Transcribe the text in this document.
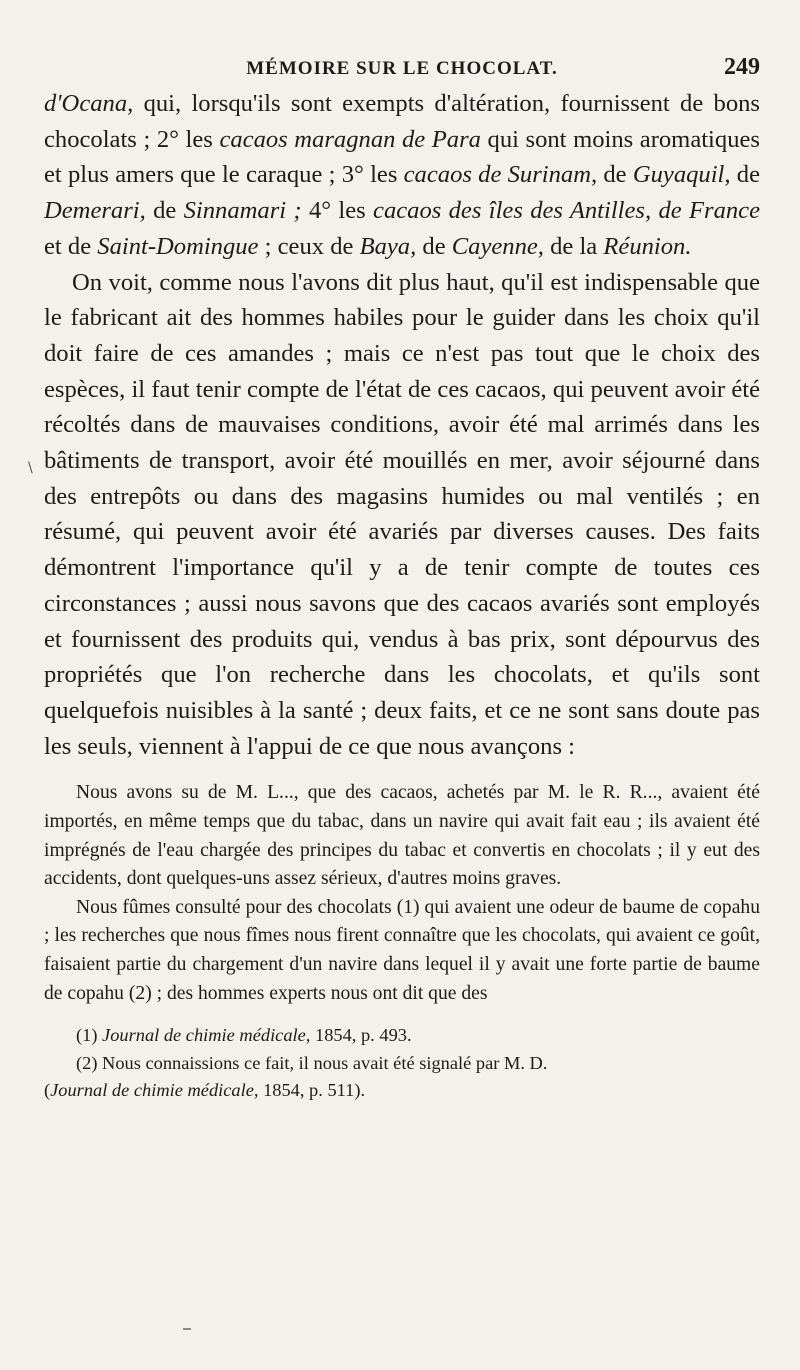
MÉMOIRE SUR LE CHOCOLAT.	249

d'Ocana, qui, lorsqu'ils sont exempts d'altération, fournissent de bons chocolats ; 2° les cacaos maragnan de Para qui sont moins aromatiques et plus amers que le caraque ; 3° les cacaos de Surinam, de Guyaquil, de Demerari, de Sinnamari ; 4° les cacaos des îles des Antilles, de France et de Saint-Domingue ; ceux de Baya, de Cayenne, de la Réunion.

On voit, comme nous l'avons dit plus haut, qu'il est indispensable que le fabricant ait des hommes habiles pour le guider dans les choix qu'il doit faire de ces amandes ; mais ce n'est pas tout que le choix des espèces, il faut tenir compte de l'état de ces cacaos, qui peuvent avoir été récoltés dans de mauvaises conditions, avoir été mal arrimés dans les bâtiments de transport, avoir été mouillés en mer, avoir séjourné dans des entrepôts ou dans des magasins humides ou mal ventilés ; en résumé, qui peuvent avoir été avariés par diverses causes. Des faits démontrent l'importance qu'il y a de tenir compte de toutes ces circonstances ; aussi nous savons que des cacaos avariés sont employés et fournissent des produits qui, vendus à bas prix, sont dépourvus des propriétés que l'on recherche dans les chocolats, et qu'ils sont quelquefois nuisibles à la santé ; deux faits, et ce ne sont sans doute pas les seuls, viennent à l'appui de ce que nous avançons :

Nous avons su de M. L..., que des cacaos, achetés par M. le R. R..., avaient été importés, en même temps que du tabac, dans un navire qui avait fait eau ; ils avaient été imprégnés de l'eau chargée des principes du tabac et convertis en chocolats ; il y eut des accidents, dont quelques-uns assez sérieux, d'autres moins graves.

Nous fûmes consulté pour des chocolats (1) qui avaient une odeur de baume de copahu ; les recherches que nous fîmes nous firent connaître que les chocolats, qui avaient ce goût, faisaient partie du chargement d'un navire dans lequel il y avait une forte partie de baume de copahu (2) ; des hommes experts nous ont dit que des

(1) Journal de chimie médicale, 1854, p. 493.

(2) Nous connaissions ce fait, il nous avait été signalé par M. D.

(Journal de chimie médicale, 1854, p. 511).

\
